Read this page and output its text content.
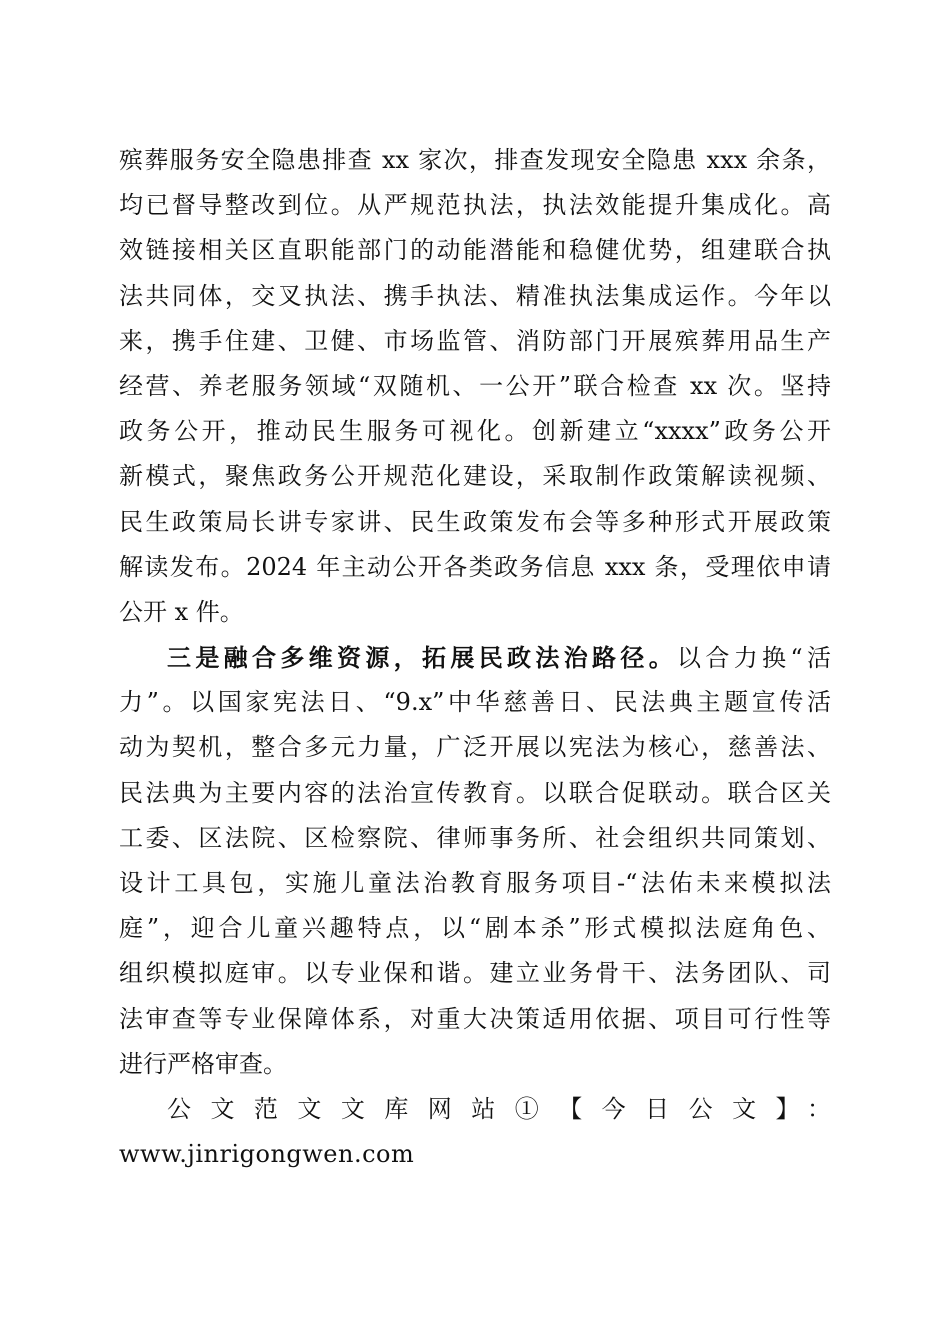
殡葬服务安全隐患排查 xx 家次，排查发现安全隐患 xxx 余条，
均已督导整改到位。从严规范执法，执法效能提升集成化。高
效链接相关区直职能部门的动能潜能和稳健优势，组建联合执
法共同体，交叉执法、携手执法、精准执法集成运作。今年以
来，携手住建、卫健、市场监管、消防部门开展殡葬用品生产
经营、养老服务领域“双随机、一公开”联合检查 xx 次。坚持
政务公开，推动民生服务可视化。创新建立“xxxx”政务公开
新模式，聚焦政务公开规范化建设，采取制作政策解读视频、
民生政策局长讲专家讲、民生政策发布会等多种形式开展政策
解读发布。2024 年主动公开各类政务信息 xxx 条，受理依申请
公开 x 件。
三是融合多维资源，拓展民政法治路径。以合力换“活
力”。以国家宪法日、“9.x”中华慈善日、民法典主题宣传活
动为契机，整合多元力量，广泛开展以宪法为核心，慈善法、
民法典为主要内容的法治宣传教育。以联合促联动。联合区关
工委、区法院、区检察院、律师事务所、社会组织共同策划、
设计工具包，实施儿童法治教育服务项目-“法佑未来模拟法
庭”，迎合儿童兴趣特点，以“剧本杀”形式模拟法庭角色、
组织模拟庭审。以专业保和谐。建立业务骨干、法务团队、司
法审查等专业保障体系，对重大决策适用依据、项目可行性等
进行严格审查。
公文范文文库网站①【今日公文】：
www.jinrigongwen.com
